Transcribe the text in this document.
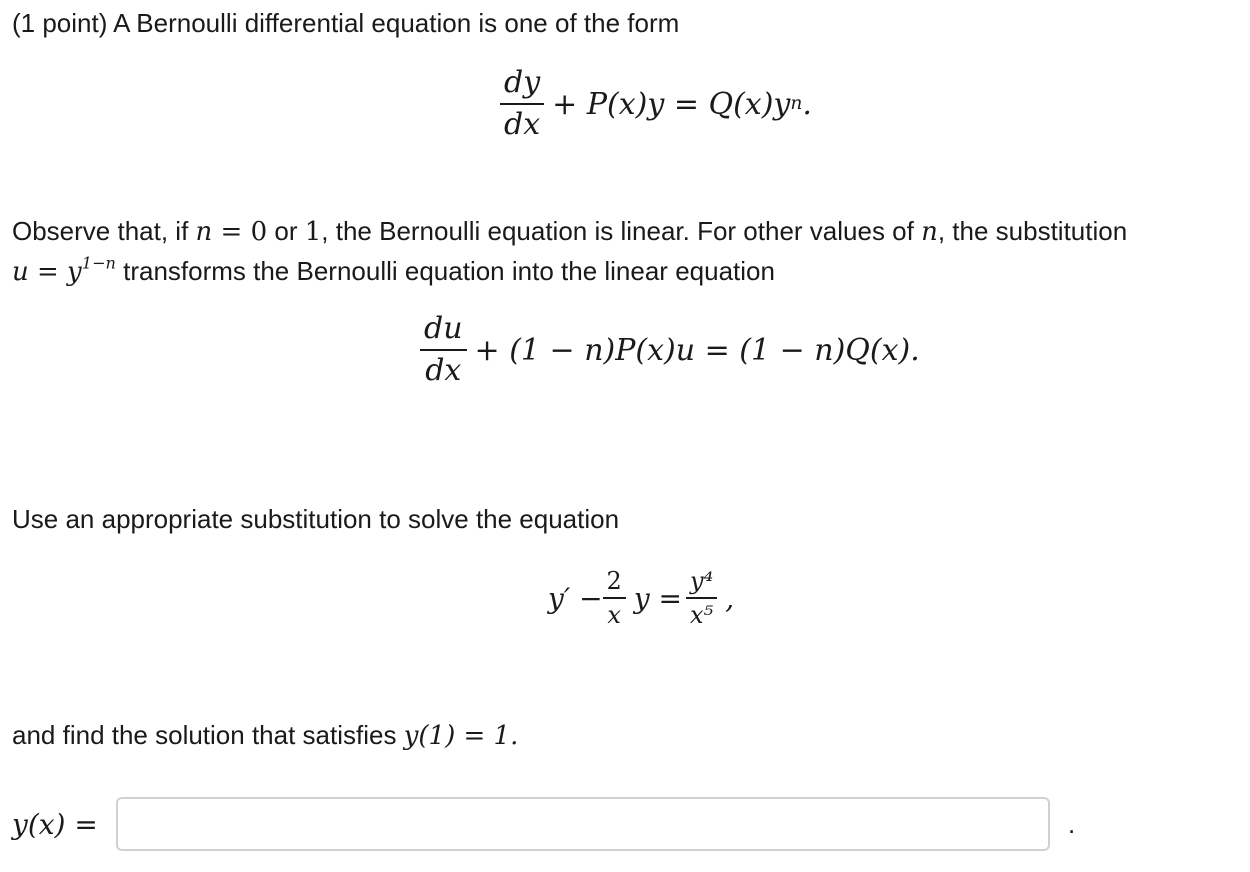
(1 point) A Bernoulli differential equation is one of the form
$\frac{dy}{dx} + P(x)y = Q(x)y$ n .
Observe that, if n = 0 or 1, the Bernoulli equation is linear. For other values of n, the substitution
$u = y^{1-n}$ transforms the Bernoulli equation into the linear equation
$\frac{du}{dx} + (1 - n)P(x)u = (1 - n)Q(x)$.
Use an appropriate substitution to solve the equation
$y' - \frac{2}{x}$ $y = \frac{\text{y⁴}}{\text{x⁵}}$ ,
and find the solution that satisfies y(1) = 1.
y(x) =	.
